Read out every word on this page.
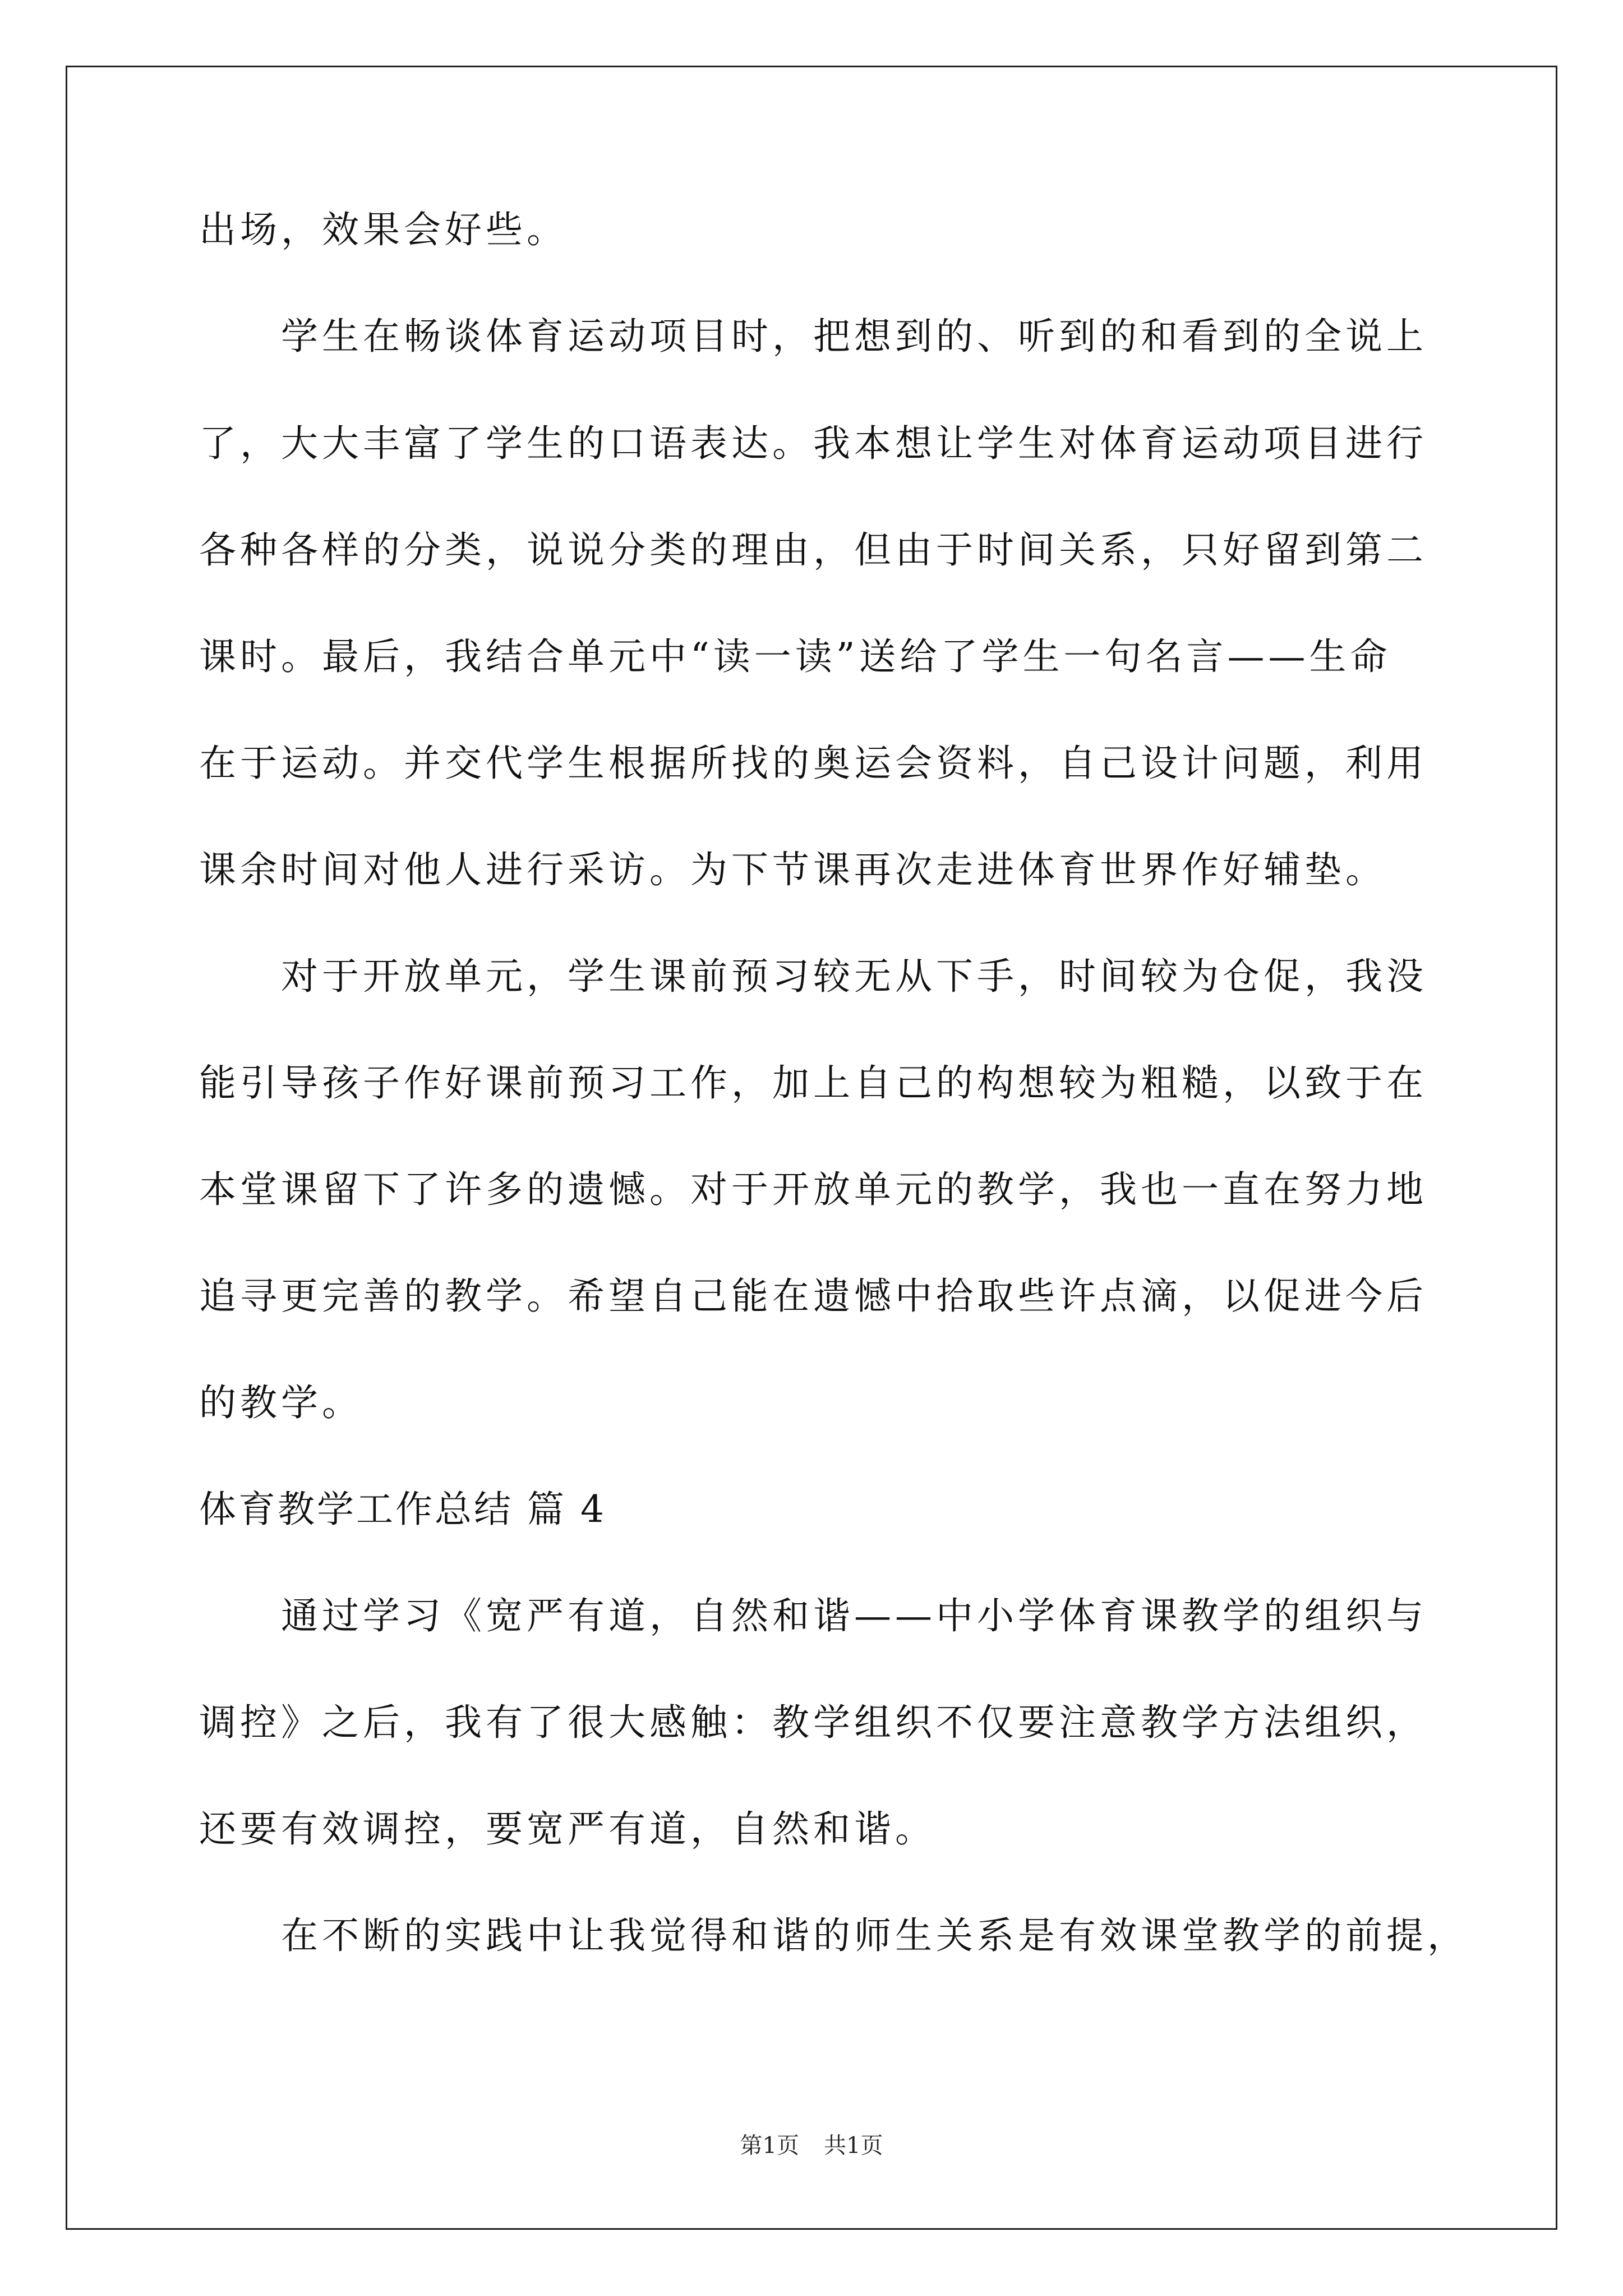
出场，效果会好些。
学生在畅谈体育运动项目时，把想到的、听到的和看到的全说上
了，大大丰富了学生的口语表达。我本想让学生对体育运动项目进行
各种各样的分类，说说分类的理由，但由于时间关系，只好留到第二
课时。最后，我结合单元中“读一读”送给了学生一句名言——生命
在于运动。并交代学生根据所找的奥运会资料，自己设计问题，利用
课余时间对他人进行采访。为下节课再次走进体育世界作好辅垫。
对于开放单元，学生课前预习较无从下手，时间较为仓促，我没
能引导孩子作好课前预习工作，加上自己的构想较为粗糙，以致于在
本堂课留下了许多的遗憾。对于开放单元的教学，我也一直在努力地
追寻更完善的教学。希望自己能在遗憾中拾取些许点滴，以促进今后
的教学。
体育教学工作总结 篇 4
通过学习《宽严有道，自然和谐——中小学体育课教学的组织与
调控》之后，我有了很大感触：教学组织不仅要注意教学方法组织，
还要有效调控，要宽严有道，自然和谐。
在不断的实践中让我觉得和谐的师生关系是有效课堂教学的前提，
第1页 共1页
